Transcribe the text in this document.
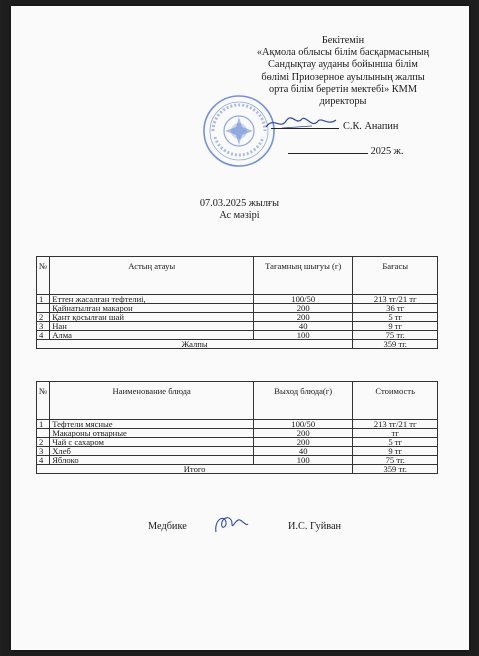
Бекітемін
«Ақмола облысы білім басқармасының
Сандықтау ауданы бойынша білім
бөлімі Приозерное ауылының жалпы
орта білім беретін мектебі» КММ
директоры
С.К. Анапин
2025 ж.
07.03.2025 жылғы
Ас мәзірі
№	Астың атауы	Тағамның шығуы (г)	Бағасы
1	Еттен жасалған тефтелиі,	100/50	213 тг/21 тг
	Қайнатылған макарон	200	36 тг
2	Қант қосылған шай	200	5 тг
3	Нан	40	9 тг
4	Алма	100	75 тг.
Жалпы			359 тг.
№	Наименование блюда	Выход блюда(г)	Стоимость
1	Тефтели мясные	100/50	213 тг/21 тг
	Макароны отварные	200	тг
2	Чай с сахаром	200	5 тг
3	Хлеб	40	9 тг
4	Яблоко	100	75 тг.
Итого			359 тг.
Медбике	И.С. Гуйван
